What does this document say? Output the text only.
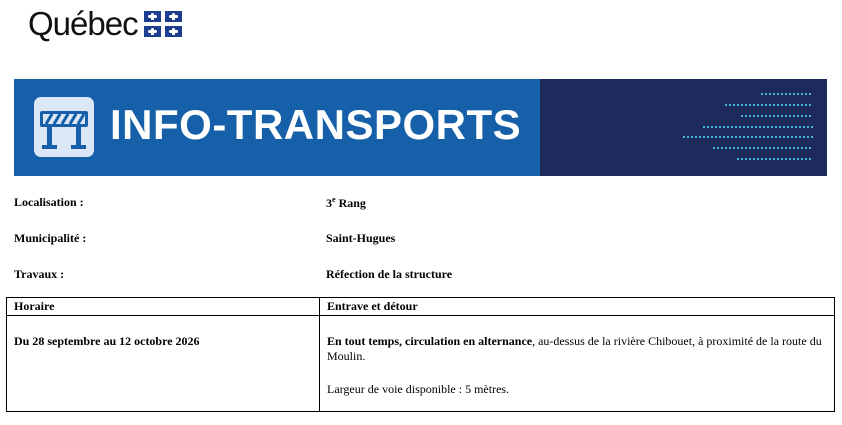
Québec
INFO-TRANSPORTS
Localisation :	3e Rang
Municipalité :	Saint-Hugues
Travaux :	Réfection de la structure
Horaire	Entrave et détour
Du 28 septembre au 12 octobre 2026	En tout temps, circulation en alternance, au-dessus de la rivière Chibouet, à proximité de la route du Moulin.
Largeur de voie disponible : 5 mètres.
